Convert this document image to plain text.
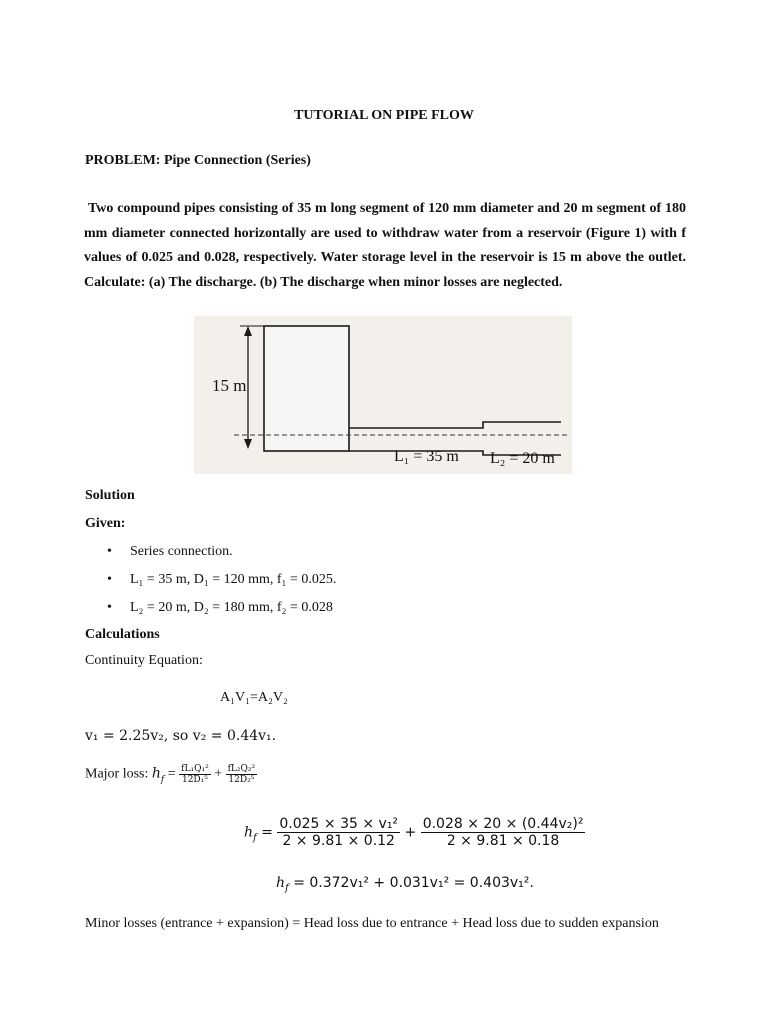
TUTORIAL ON PIPE FLOW
PROBLEM: Pipe Connection (Series)
Two compound pipes consisting of 35 m long segment of 120 mm diameter and 20 m segment of 180
mm diameter connected horizontally are used to withdraw water from a reservoir (Figure 1) with f
values of 0.025 and 0.028, respectively. Water storage level in the reservoir is 15 m above the outlet.
Calculate: (a) The discharge. (b) The discharge when minor losses are neglected.
15 m
L₁ = 35 m L₂ = 20 m
Solution
Given:
• Series connection.
• L₁ = 35 m, D₁ = 120 mm, f₁ = 0.025.
• L₂ = 20 m, D₂ = 180 mm, f₂ = 0.028
Calculations
Continuity Equation:
A₁V₁=A₂V₂
v₁ = 2.25v₂, so v₂ = 0.44v₁.
Major loss: $h_f = \frac{\text{fL₁Q₁²}}{\text{12D₁⁵}} + \frac{\text{fL₂Q₂²}}{\text{12D₂⁵}}$
$h_f = \frac{\text{0.025 × 35 × v₁²}}{2 \times 9.81 \times 0.12} + \frac{\text{0.028 × 20 × (0.44v₂)²}}{2 \times 9.81 \times 0.18}$
$h_f = 0.372v_1^2 + 0.031v_1^2 = 0.403v_1^2$.
Minor losses (entrance + expansion) = Head loss due to entrance + Head loss due to sudden expansion
